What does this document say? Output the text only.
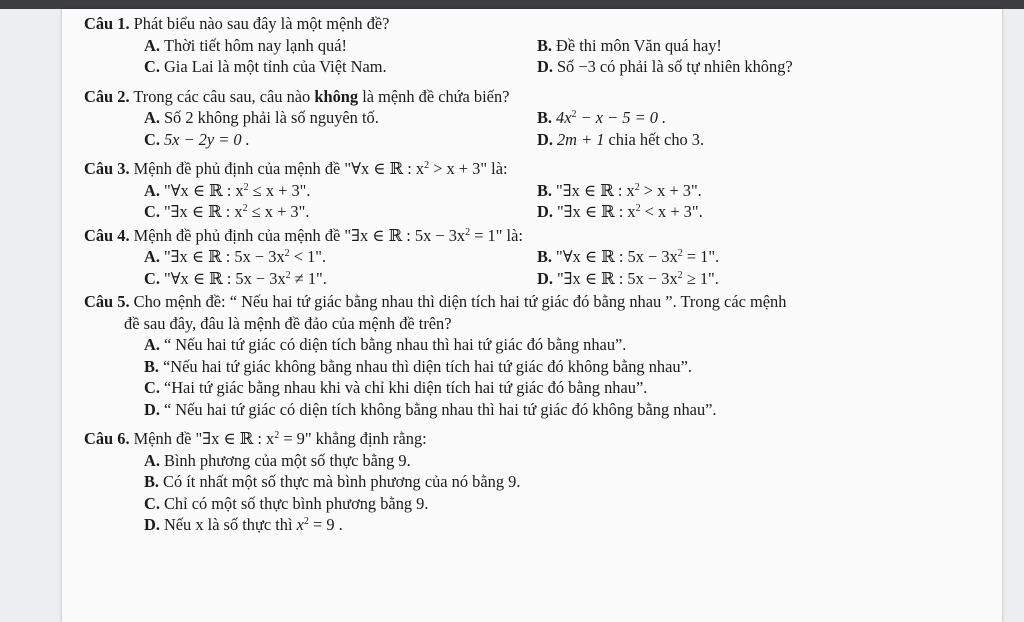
Câu 1. Phát biểu nào sau đây là một mệnh đề?
A. Thời tiết hôm nay lạnh quá!	B. Đề thi môn Văn quá hay!
C. Gia Lai là một tỉnh của Việt Nam.	D. Số −3 có phải là số tự nhiên không?
Câu 2. Trong các câu sau, câu nào không là mệnh đề chứa biến?
A. Số 2 không phải là số nguyên tố.	B. $4x^2 - x - 5 = 0$ .
C. 5x − 2y = 0 .	D. 2m + 1 chia hết cho 3.
Câu 3. Mệnh đề phủ định của mệnh đề "∀x ∈ ℝ : $x^2 > x + 3$" là:
A. "∀x ∈ ℝ : $x^2 \le x + 3$".	B. "∃x ∈ ℝ : $x^2 > x + 3$".
C. "∃x ∈ ℝ : $x^2 \le x + 3$".	D. "∃x ∈ ℝ : $x^2 < x + 3$".
Câu 4. Mệnh đề phủ định của mệnh đề "∃x ∈ ℝ : $5x - 3x^2 = 1$" là:
A. "∃x ∈ ℝ : $5x - 3x^2 < 1$".	B. "∀x ∈ ℝ : $5x - 3x^2 = 1$".
C. "∀x ∈ ℝ : $5x - 3x^2 \ne 1$".	D. "∃x ∈ ℝ : $5x - 3x^2 \ge 1$".
Câu 5. Cho mệnh đề: “ Nếu hai tứ giác bằng nhau thì diện tích hai tứ giác đó bằng nhau ”. Trong các mệnh
đề sau đây, đâu là mệnh đề đảo của mệnh đề trên?
A. “ Nếu hai tứ giác có diện tích bằng nhau thì hai tứ giác đó bằng nhau”.
B. “Nếu hai tứ giác không bằng nhau thì diện tích hai tứ giác đó không bằng nhau”.
C. “Hai tứ giác bằng nhau khi và chỉ khi diện tích hai tứ giác đó bằng nhau”.
D. “ Nếu hai tứ giác có diện tích không bằng nhau thì hai tứ giác đó không bằng nhau”.
Câu 6. Mệnh đề "∃x ∈ ℝ : $x^2 = 9$" khẳng định rằng:
A. Bình phương của một số thực bằng 9.
B. Có ít nhất một số thực mà bình phương của nó bằng 9.
C. Chỉ có một số thực bình phương bằng 9.
D. Nếu x là số thực thì $x^2 = 9$ .
